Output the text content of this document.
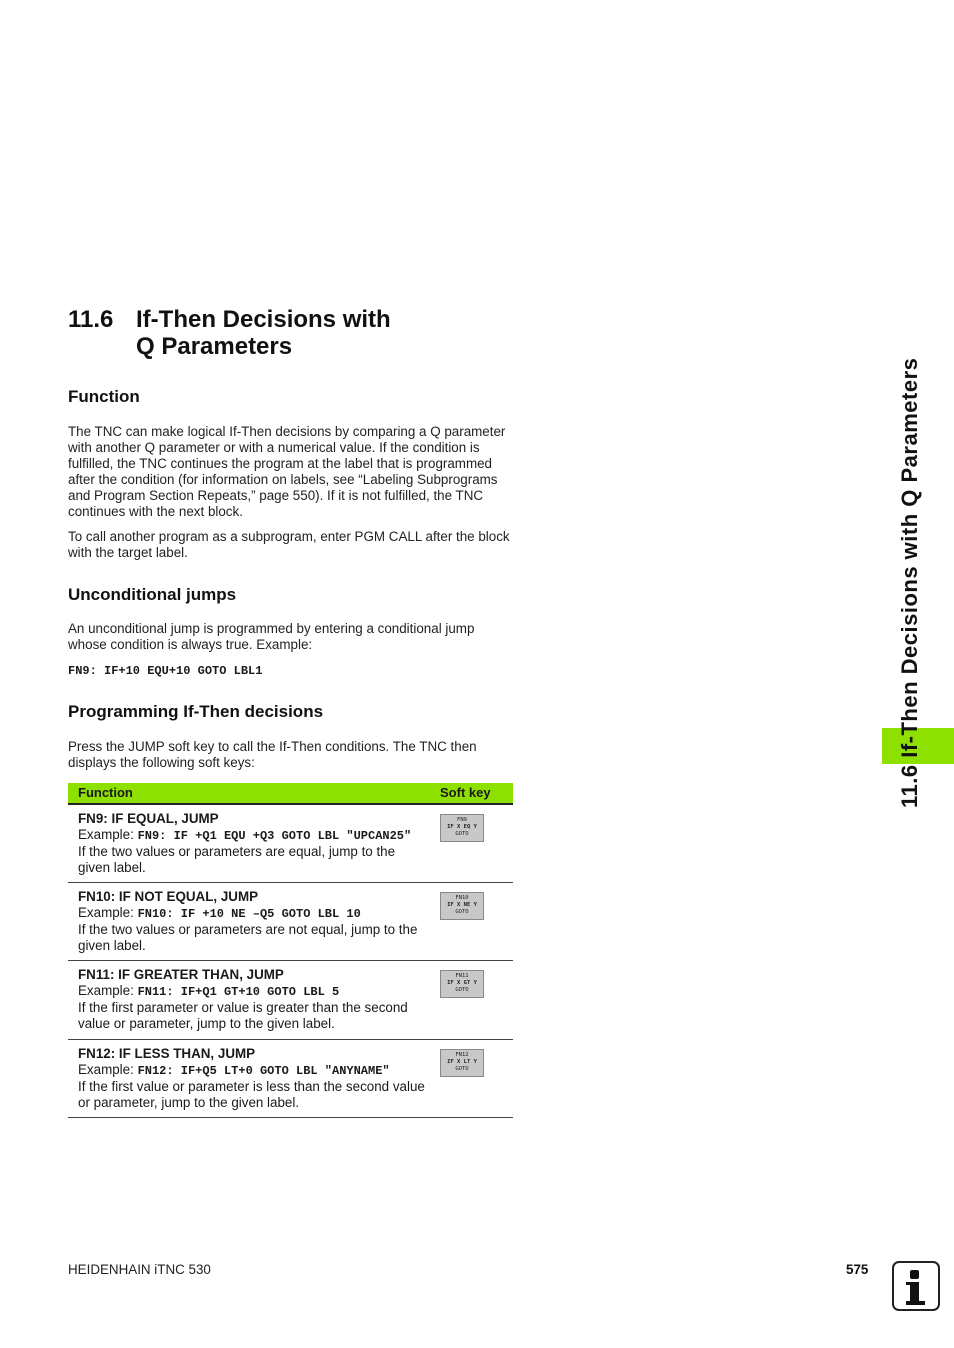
11.6 If-Then Decisions with
Q Parameters
Function

The TNC can make logical If-Then decisions by comparing a Q parameter with another Q parameter or with a numerical value. If the condition is fulfilled, the TNC continues the program at the label that is programmed after the condition (for information on labels, see “Labeling Subprograms and Program Section Repeats,” page 550). If it is not fulfilled, the TNC continues with the next block.

To call another program as a subprogram, enter PGM CALL after the block with the target label.

Unconditional jumps

An unconditional jump is programmed by entering a conditional jump whose condition is always true. Example:

FN9: IF+10 EQU+10 GOTO LBL1
Programming If-Then decisions

Press the JUMP soft key to call the If-Then conditions. The TNC then displays the following soft keys:

Function	Soft key
FN9: IF EQUAL, JUMP
Example: FN9: IF +Q1 EQU +Q3 GOTO LBL "UPCAN25"
If the two values or parameters are equal, jump to the given label.
FN9
IF X EQ Y
GOTO
FN10: IF NOT EQUAL, JUMP
Example: FN10: IF +10 NE –Q5 GOTO LBL 10
If the two values or parameters are not equal, jump to the given label.
FN10
IF X NE Y
GOTO
FN11: IF GREATER THAN, JUMP
Example: FN11: IF+Q1 GT+10 GOTO LBL 5
If the first parameter or value is greater than the second value or parameter, jump to the given label.
FN11
IF X GT Y
GOTO
FN12: IF LESS THAN, JUMP
Example: FN12: IF+Q5 LT+0 GOTO LBL "ANYNAME"
If the first value or parameter is less than the second value or parameter, jump to the given label.
FN12
IF X LT Y
GOTO
11.6 If-Then Decisions with Q Parameters
HEIDENHAIN iTNC 530	575
